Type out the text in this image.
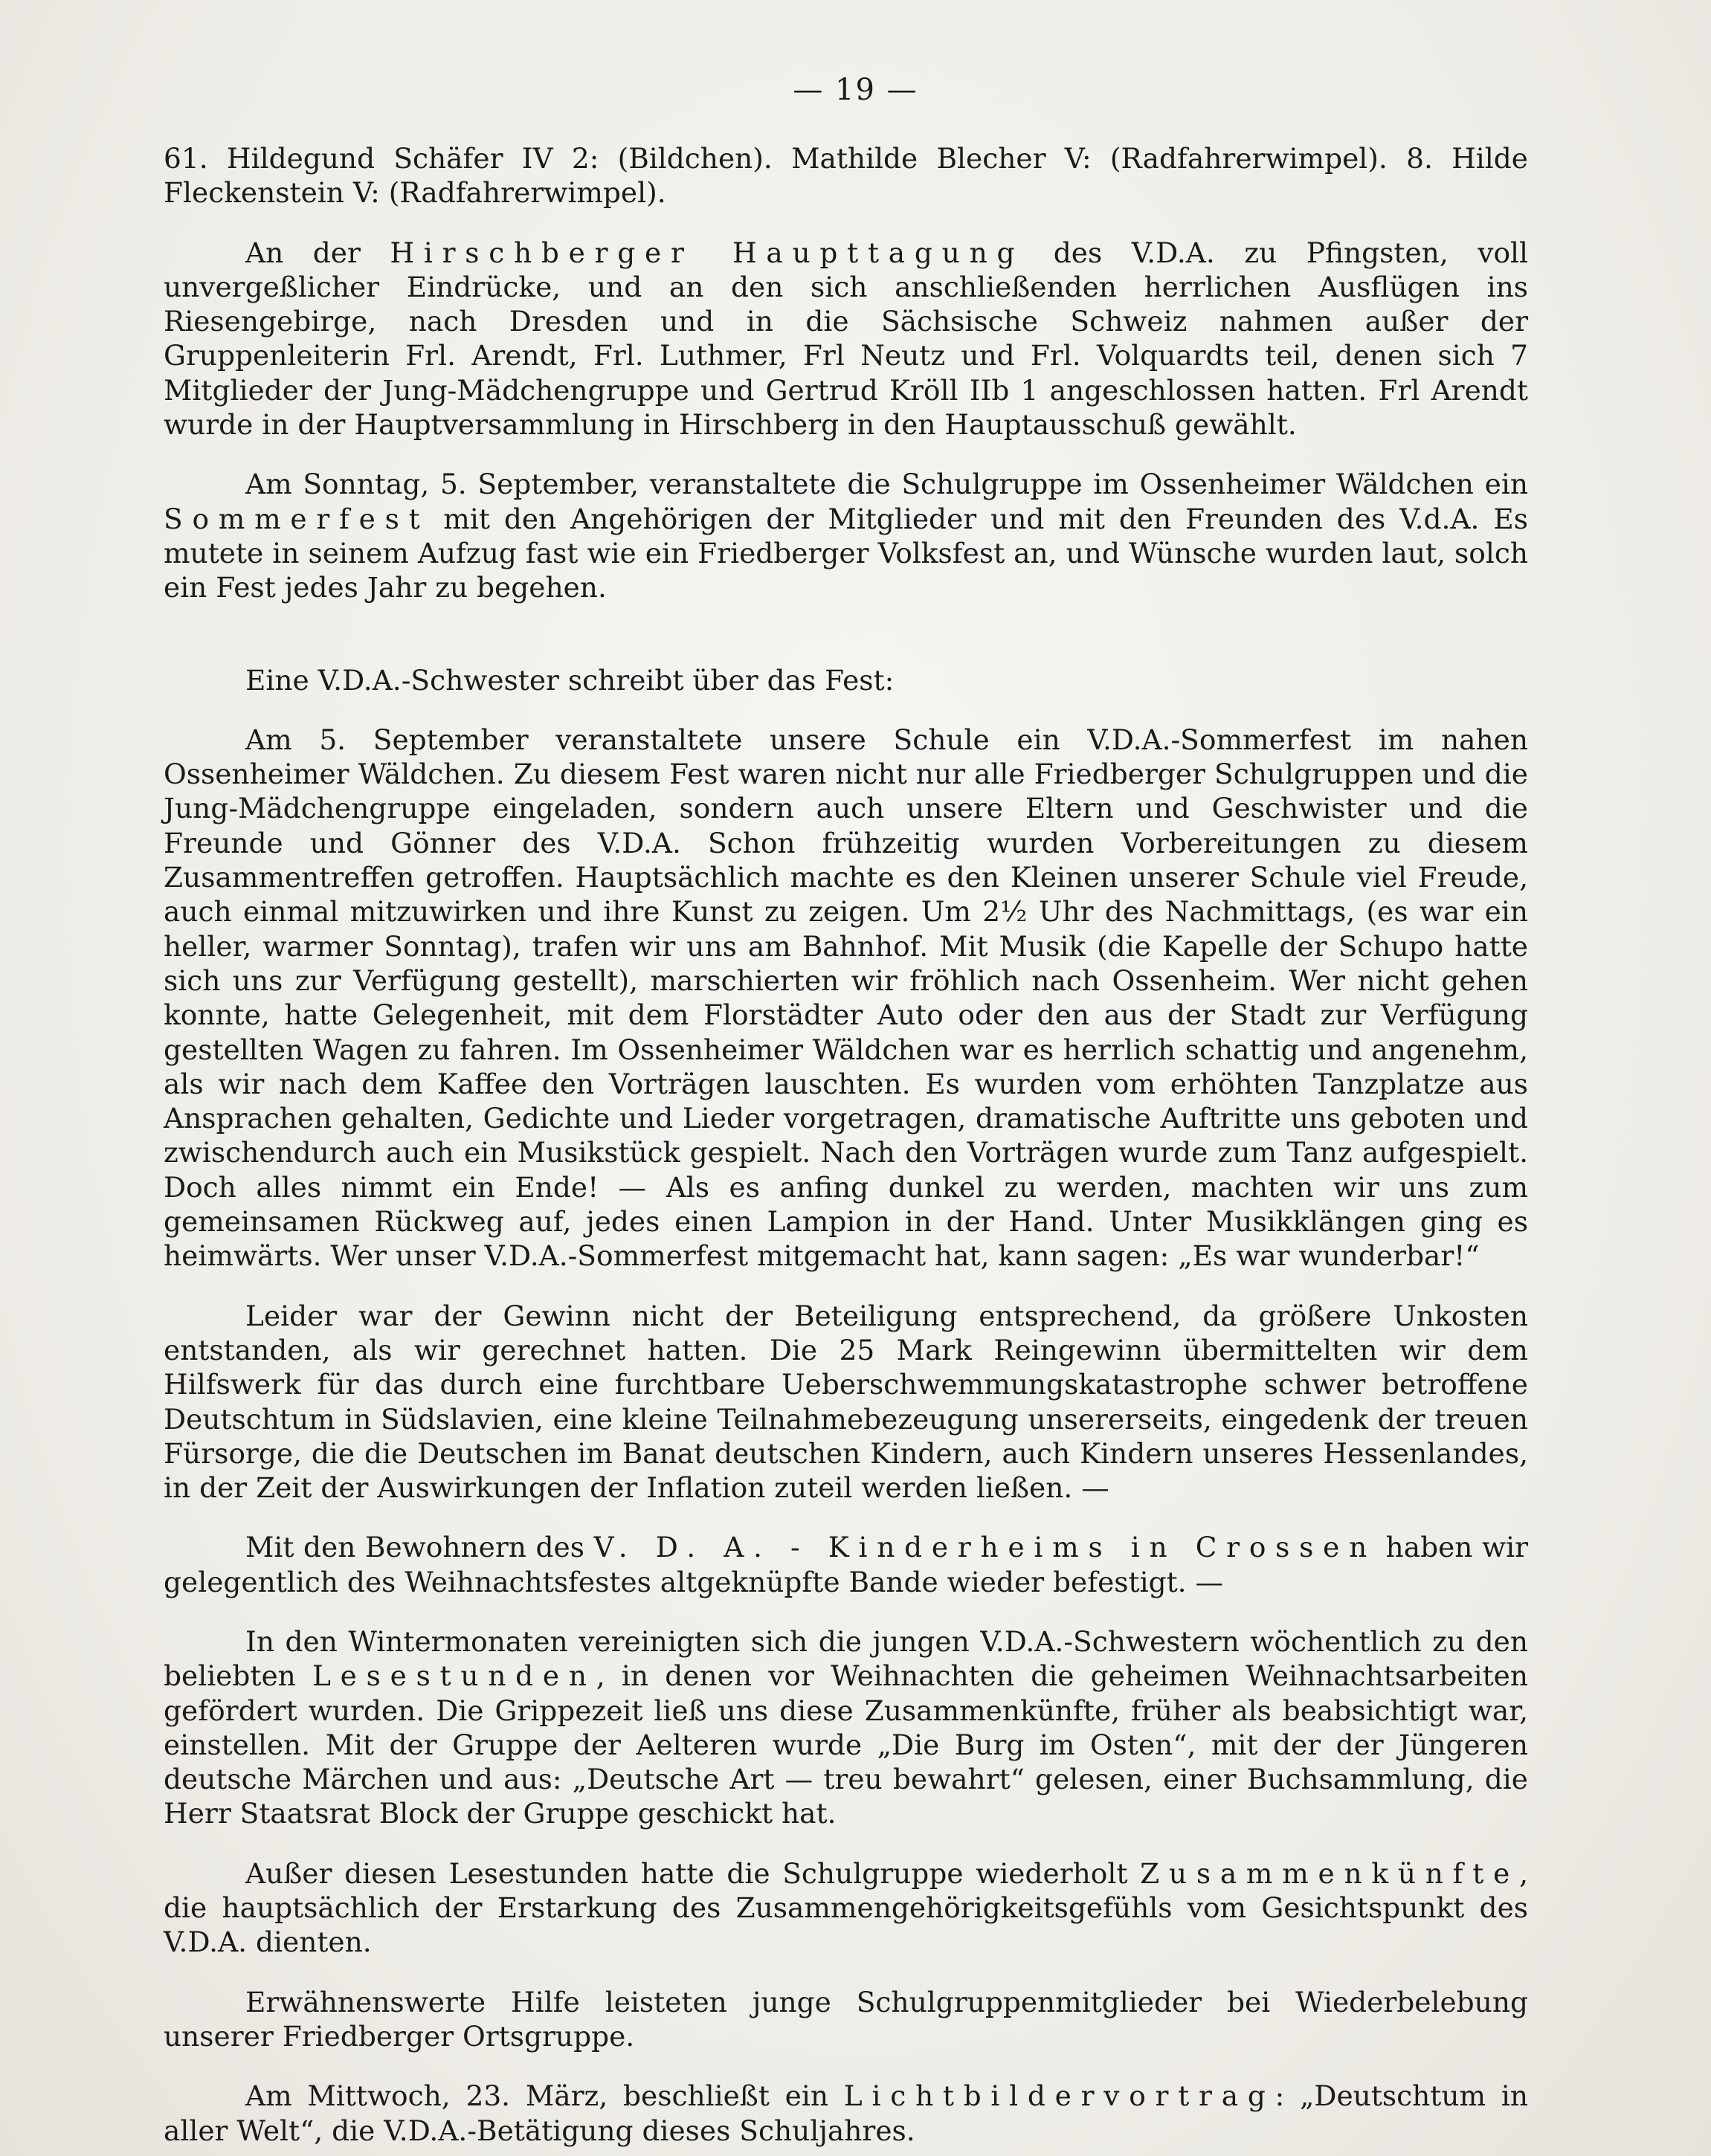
— 19 —

61. Hildegund Schäfer IV 2: (Bildchen). Mathilde Blecher V: (Radfahrerwimpel). 8. Hilde Fleckenstein V: (Radfahrerwimpel).

An der Hirschberger Haupttagung des V.D.A. zu Pfingsten, voll unvergeßlicher Eindrücke, und an den sich anschließenden herrlichen Ausflügen ins Riesengebirge, nach Dresden und in die Sächsische Schweiz nahmen außer der Gruppenleiterin Frl. Arendt, Frl. Luthmer, Frl Neutz und Frl. Volquardts teil, denen sich 7 Mitglieder der Jung-Mädchengruppe und Gertrud Kröll IIb 1 angeschlossen hatten. Frl Arendt wurde in der Hauptversammlung in Hirschberg in den Hauptausschuß gewählt.

Am Sonntag, 5. September, veranstaltete die Schulgruppe im Ossenheimer Wäldchen ein Sommerfest mit den Angehörigen der Mitglieder und mit den Freunden des V.d.A. Es mutete in seinem Aufzug fast wie ein Friedberger Volksfest an, und Wünsche wurden laut, solch ein Fest jedes Jahr zu begehen.

Eine V.D.A.-Schwester schreibt über das Fest:

Am 5. September veranstaltete unsere Schule ein V.D.A.-Sommerfest im nahen Ossenheimer Wäldchen. Zu diesem Fest waren nicht nur alle Friedberger Schulgruppen und die Jung-Mädchengruppe eingeladen, sondern auch unsere Eltern und Geschwister und die Freunde und Gönner des V.D.A. Schon frühzeitig wurden Vorbereitungen zu diesem Zusammentreffen getroffen. Hauptsächlich machte es den Kleinen unserer Schule viel Freude, auch einmal mitzuwirken und ihre Kunst zu zeigen. Um 2½ Uhr des Nachmittags, (es war ein heller, warmer Sonntag), trafen wir uns am Bahnhof. Mit Musik (die Kapelle der Schupo hatte sich uns zur Verfügung gestellt), marschierten wir fröhlich nach Ossenheim. Wer nicht gehen konnte, hatte Gelegenheit, mit dem Florstädter Auto oder den aus der Stadt zur Verfügung gestellten Wagen zu fahren. Im Ossenheimer Wäldchen war es herrlich schattig und angenehm, als wir nach dem Kaffee den Vorträgen lauschten. Es wurden vom erhöhten Tanzplatze aus Ansprachen gehalten, Gedichte und Lieder vorgetragen, dramatische Auftritte uns geboten und zwischendurch auch ein Musikstück gespielt. Nach den Vorträgen wurde zum Tanz aufgespielt. Doch alles nimmt ein Ende! — Als es anfing dunkel zu werden, machten wir uns zum gemeinsamen Rückweg auf, jedes einen Lampion in der Hand. Unter Musikklängen ging es heimwärts. Wer unser V.D.A.-Sommerfest mitgemacht hat, kann sagen: „Es war wunderbar!“

Leider war der Gewinn nicht der Beteiligung entsprechend, da größere Unkosten entstanden, als wir gerechnet hatten. Die 25 Mark Reingewinn übermittelten wir dem Hilfswerk für das durch eine furchtbare Ueberschwemmungskatastrophe schwer betroffene Deutschtum in Südslavien, eine kleine Teilnahmebezeugung unsererseits, eingedenk der treuen Fürsorge, die die Deutschen im Banat deutschen Kindern, auch Kindern unseres Hessenlandes, in der Zeit der Auswirkungen der Inflation zuteil werden ließen. —

Mit den Bewohnern des V. D. A. - Kinderheims in Crossen haben wir gelegentlich des Weihnachtsfestes altgeknüpfte Bande wieder befestigt. —

In den Wintermonaten vereinigten sich die jungen V.D.A.-Schwestern wöchentlich zu den beliebten Lesestunden, in denen vor Weihnachten die geheimen Weihnachtsarbeiten gefördert wurden. Die Grippezeit ließ uns diese Zusammenkünfte, früher als beabsichtigt war, einstellen. Mit der Gruppe der Aelteren wurde „Die Burg im Osten“, mit der der Jüngeren deutsche Märchen und aus: „Deutsche Art — treu bewahrt“ gelesen, einer Buchsammlung, die Herr Staatsrat Block der Gruppe geschickt hat.

Außer diesen Lesestunden hatte die Schulgruppe wiederholt Zusammenkünfte, die hauptsächlich der Erstarkung des Zusammengehörigkeitsgefühls vom Gesichtspunkt des V.D.A. dienten.

Erwähnenswerte Hilfe leisteten junge Schulgruppenmitglieder bei Wiederbelebung unserer Friedberger Ortsgruppe.

Am Mittwoch, 23. März, beschließt ein Lichtbildervortrag: „Deutschtum in aller Welt“, die V.D.A.-Betätigung dieses Schuljahres.
